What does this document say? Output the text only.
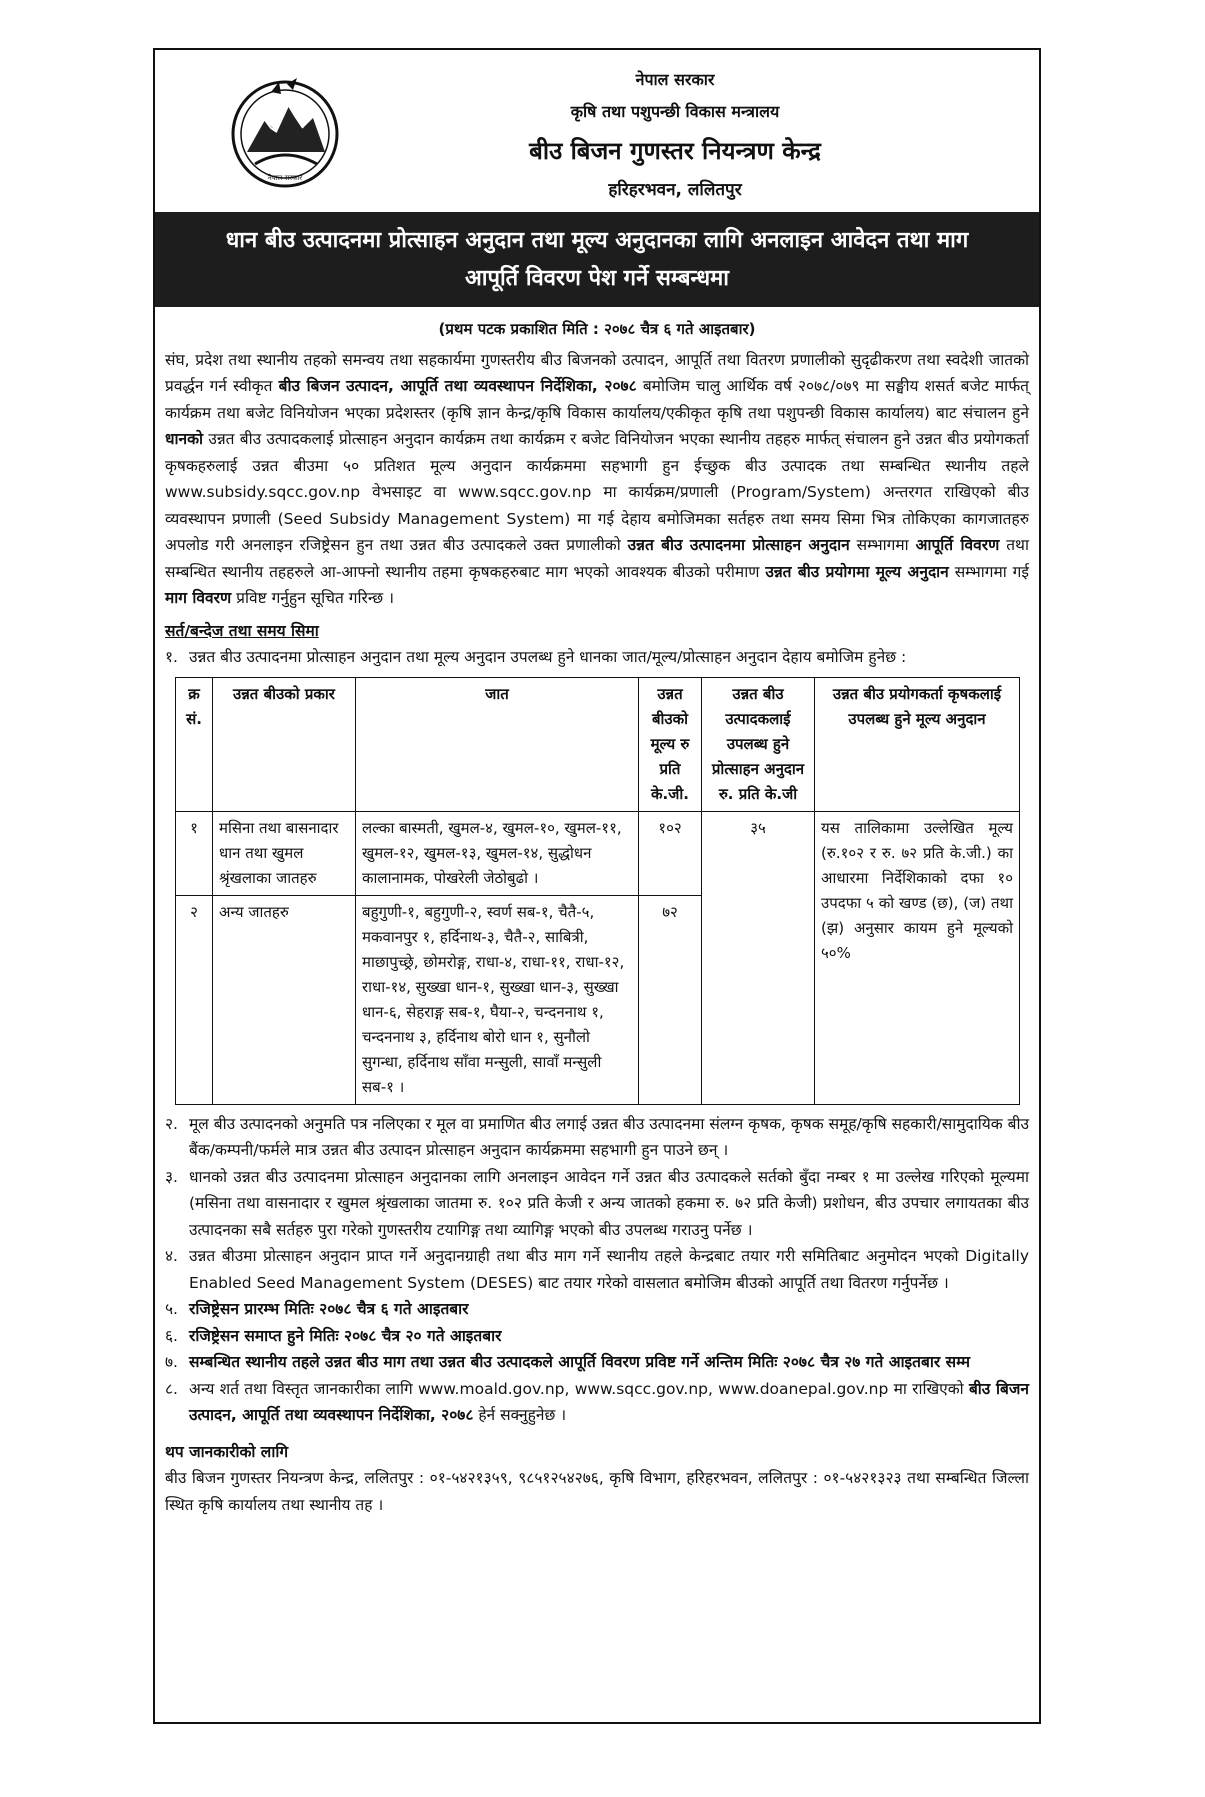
नेपाल सरकार
नेपाल सरकार
कृषि तथा पशुपन्छी विकास मन्त्रालय
बीउ बिजन गुणस्तर नियन्त्रण केन्द्र
हरिहरभवन, ललितपुर
धान बीउ उत्पादनमा प्रोत्साहन अनुदान तथा मूल्य अनुदानका लागि अनलाइन आवेदन तथा माग
आपूर्ति विवरण पेश गर्ने सम्बन्धमा
(प्रथम पटक प्रकाशित मिति : २०७८ चैत्र ६ गते आइतबार)
संघ, प्रदेश तथा स्थानीय तहको समन्वय तथा सहकार्यमा गुणस्तरीय बीउ बिजनको उत्पादन, आपूर्ति तथा वितरण प्रणालीको सुदृढीकरण तथा स्वदेशी जातको प्रवर्द्धन गर्न स्वीकृत बीउ बिजन उत्पादन, आपूर्ति तथा व्यवस्थापन निर्देशिका, २०७८ बमोजिम चालु आर्थिक वर्ष २०७८/०७९ मा सङ्घीय शसर्त बजेट मार्फत् कार्यक्रम तथा बजेट विनियोजन भएका प्रदेशस्तर (कृषि ज्ञान केन्द्र/कृषि विकास कार्यालय/एकीकृत कृषि तथा पशुपन्छी विकास कार्यालय) बाट संचालन हुने धानको उन्नत बीउ उत्पादकलाई प्रोत्साहन अनुदान कार्यक्रम तथा कार्यक्रम र बजेट विनियोजन भएका स्थानीय तहहरु मार्फत् संचालन हुने उन्नत बीउ प्रयोगकर्ता कृषकहरुलाई उन्नत बीउमा ५० प्रतिशत मूल्य अनुदान कार्यक्रममा सहभागी हुन ईच्छुक बीउ उत्पादक तथा सम्बन्धित स्थानीय तहले www.subsidy.sqcc.gov.np वेभसाइट वा www.sqcc.gov.np मा कार्यक्रम/प्रणाली (Program/System) अन्तरगत राखिएको बीउ व्यवस्थापन प्रणाली (Seed Subsidy Management System) मा गई देहाय बमोजिमका सर्तहरु तथा समय सिमा भित्र तोकिएका कागजातहरु अपलोड गरी अनलाइन रजिष्ट्रेसन हुन तथा उन्नत बीउ उत्पादकले उक्त प्रणालीको उन्नत बीउ उत्पादनमा प्रोत्साहन अनुदान सम्भागमा आपूर्ति विवरण तथा सम्बन्धित स्थानीय तहहरुले आ-आफ्नो स्थानीय तहमा कृषकहरुबाट माग भएको आवश्यक बीउको परीमाण उन्नत बीउ प्रयोगमा मूल्य अनुदान सम्भागमा गई माग विवरण प्रविष्ट गर्नुहुन सूचित गरिन्छ ।
सर्त/बन्देज तथा समय सिमा
१. उन्नत बीउ उत्पादनमा प्रोत्साहन अनुदान तथा मूल्य अनुदान उपलब्ध हुने धानका जात/मूल्य/प्रोत्साहन अनुदान देहाय बमोजिम हुनेछ :
क्र सं.	उन्नत बीउको प्रकार	जात	उन्नत बीउको मूल्य रु प्रति के.जी.	उन्नत बीउ उत्पादकलाई उपलब्ध हुने प्रोत्साहन अनुदान रु. प्रति के.जी	उन्नत बीउ प्रयोगकर्ता कृषकलाई उपलब्ध हुने मूल्य अनुदान
१	मसिना तथा बासनादार धान तथा खुमल श्रृंखलाका जातहरु	लल्का बास्मती, खुमल-४, खुमल-१०, खुमल-११, खुमल-१२, खुमल-१३, खुमल-१४, सुद्धोधन कालानामक, पोखरेली जेठोबुढो ।	१०२	३५	यस तालिकामा उल्लेखित मूल्य (रु.१०२ र रु. ७२ प्रति के.जी.) का आधारमा निर्देशिकाको दफा १० उपदफा ५ को खण्ड (छ), (ज) तथा (झ) अनुसार कायम हुने मूल्यको ५०%
२	अन्य जातहरु	बहुगुणी-१, बहुगुणी-२, स्वर्ण सब-१, चैतै-५, मकवानपुर १, हर्दिनाथ-३, चैतै-२, साबित्री, माछापुच्छ्रे, छोमरोङ्ग, राधा-४, राधा-११, राधा-१२, राधा-१४, सुख्खा धान-१, सुख्खा धान-३, सुख्खा धान-६, सेहराङ्ग सब-१, घैया-२, चन्दननाथ १, चन्दननाथ ३, हर्दिनाथ बोरो धान १, सुनौलो सुगन्धा, हर्दिनाथ साँवा मन्सुली, सावाँ मन्सुली सब-१ ।	७२		
२. मूल बीउ उत्पादनको अनुमति पत्र नलिएका र मूल वा प्रमाणित बीउ लगाई उन्नत बीउ उत्पादनमा संलग्न कृषक, कृषक समूह/कृषि सहकारी/सामुदायिक बीउ बैंक/कम्पनी/फर्मले मात्र उन्नत बीउ उत्पादन प्रोत्साहन अनुदान कार्यक्रममा सहभागी हुन पाउने छन् ।
३. धानको उन्नत बीउ उत्पादनमा प्रोत्साहन अनुदानका लागि अनलाइन आवेदन गर्ने उन्नत बीउ उत्पादकले सर्तको बुँदा नम्बर १ मा उल्लेख गरिएको मूल्यमा (मसिना तथा वासनादार र खुमल श्रृंखलाका जातमा रु. १०२ प्रति केजी र अन्य जातको हकमा रु. ७२ प्रति केजी) प्रशोधन, बीउ उपचार लगायतका बीउ उत्पादनका सबै सर्तहरु पुरा गरेको गुणस्तरीय टयागिङ्ग तथा व्यागिङ्ग भएको बीउ उपलब्ध गराउनु पर्नेछ ।
४. उन्नत बीउमा प्रोत्साहन अनुदान प्राप्त गर्ने अनुदानग्राही तथा बीउ माग गर्ने स्थानीय तहले केन्द्रबाट तयार गरी समितिबाट अनुमोदन भएको Digitally Enabled Seed Management System (DESES) बाट तयार गरेको वासलात बमोजिम बीउको आपूर्ति तथा वितरण गर्नुपर्नेछ ।
५. रजिष्ट्रेसन प्रारम्भ मितिः २०७८ चैत्र ६ गते आइतबार
६. रजिष्ट्रेसन समाप्त हुने मितिः २०७८ चैत्र २० गते आइतबार
७. सम्बन्धित स्थानीय तहले उन्नत बीउ माग तथा उन्नत बीउ उत्पादकले आपूर्ति विवरण प्रविष्ट गर्ने अन्तिम मितिः २०७८ चैत्र २७ गते आइतबार सम्म
८. अन्य शर्त तथा विस्तृत जानकारीका लागि www.moald.gov.np, www.sqcc.gov.np, www.doanepal.gov.np मा राखिएको बीउ बिजन उत्पादन, आपूर्ति तथा व्यवस्थापन निर्देशिका, २०७८ हेर्न सक्नुहुनेछ ।
थप जानकारीको लागि
बीउ बिजन गुणस्तर नियन्त्रण केन्द्र, ललितपुर : ०१-५४२१३५९, ९८५१२५४२७६, कृषि विभाग, हरिहरभवन, ललितपुर : ०१-५४२१३२३ तथा सम्बन्धित जिल्ला स्थित कृषि कार्यालय तथा स्थानीय तह ।
